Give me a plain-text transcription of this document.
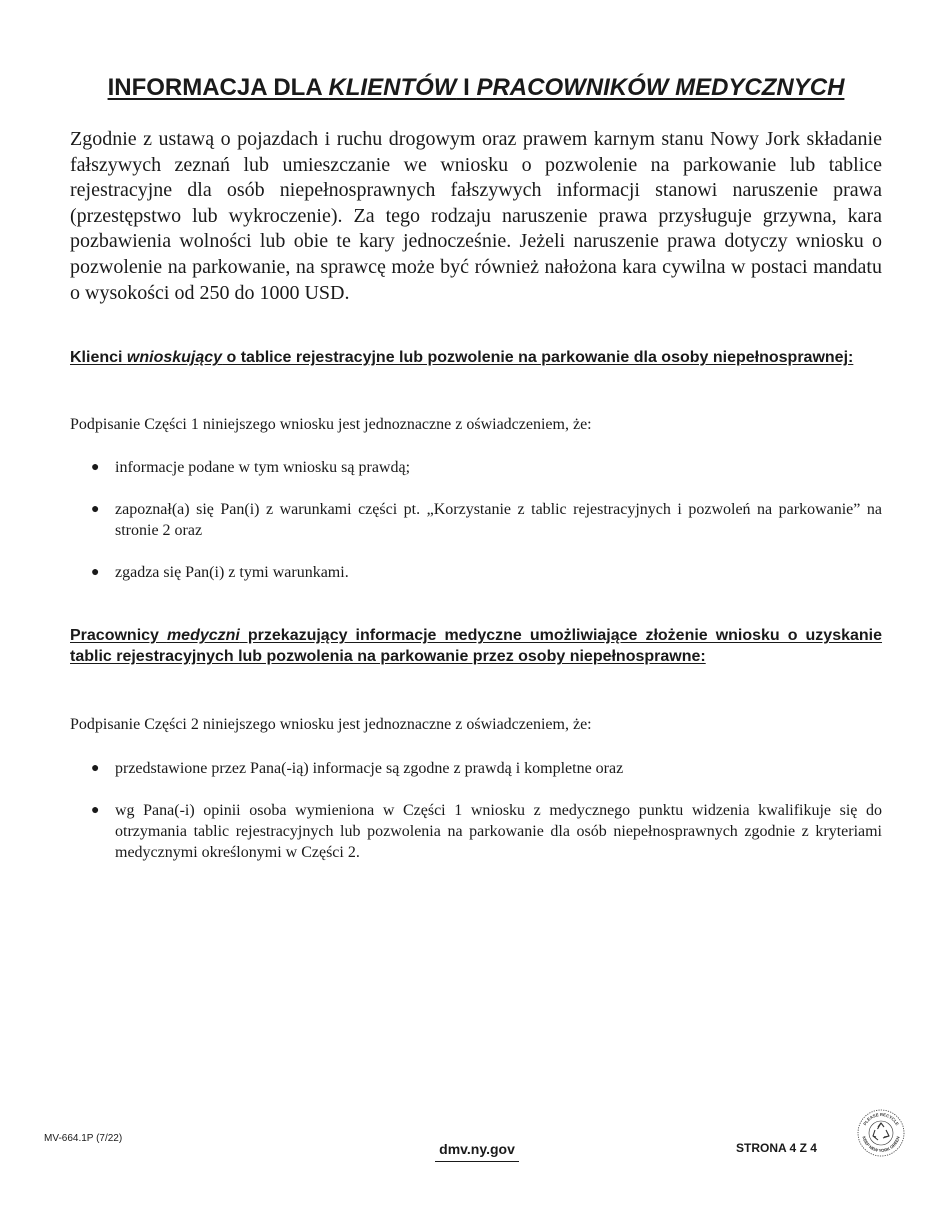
INFORMACJA DLA KLIENTÓW I PRACOWNIKÓW MEDYCZNYCH

Zgodnie z ustawą o pojazdach i ruchu drogowym oraz prawem karnym stanu Nowy Jork składanie fałszywych zeznań lub umieszczanie we wniosku o pozwolenie na parkowanie lub tablice rejestracyjne dla osób niepełnosprawnych fałszywych informacji stanowi naruszenie prawa (przestępstwo lub wykroczenie). Za tego rodzaju naruszenie prawa przysługuje grzywna, kara pozbawienia wolności lub obie te kary jednocześnie. Jeżeli naruszenie prawa dotyczy wniosku o pozwolenie na parkowanie, na sprawcę może być również nałożona kara cywilna w postaci mandatu o wysokości od 250 do 1000 USD.

Klienci wnioskujący o tablice rejestracyjne lub pozwolenie na parkowanie dla osoby niepełnosprawnej:

Podpisanie Części 1 niniejszego wniosku jest jednoznaczne z oświadczeniem, że:

● informacje podane w tym wniosku są prawdą;
● zapoznał(a) się Pan(i) z warunkami części pt. „Korzystanie z tablic rejestracyjnych i pozwoleń na parkowanie” na stronie 2 oraz
● zgadza się Pan(i) z tymi warunkami.

Pracownicy medyczni przekazujący informacje medyczne umożliwiające złożenie wniosku o uzyskanie tablic rejestracyjnych lub pozwolenia na parkowanie przez osoby niepełnosprawne:

Podpisanie Części 2 niniejszego wniosku jest jednoznaczne z oświadczeniem, że:

● przedstawione przez Pana(-ią) informacje są zgodne z prawdą i kompletne oraz
● wg Pana(-i) opinii osoba wymieniona w Części 1 wniosku z medycznego punktu widzenia kwalifikuje się do otrzymania tablic rejestracyjnych lub pozwolenia na parkowanie dla osób niepełnosprawnych zgodnie z kryteriami medycznymi określonymi w Części 2.
MV-664.1P (7/22)
dmv.ny.gov	STRONA 4 Z 4
PLEASE RECYCLE
KEEP NEW YORK GREEN
